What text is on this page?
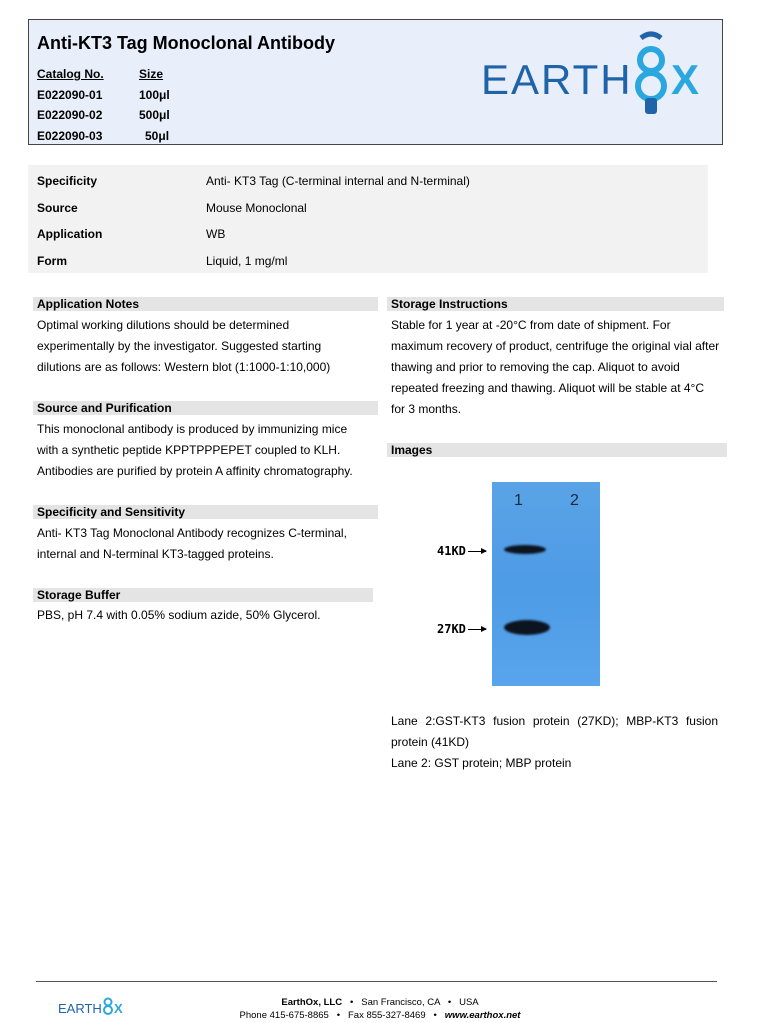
Anti-KT3 Tag Monoclonal Antibody
Catalog No.	Size
E022090-01	100μl
E022090-02	500μl
E022090-03	50μl
EARTH X
Specificity	Anti- KT3 Tag (C-terminal internal and N-terminal)
Source	Mouse Monoclonal
Application	WB
Form	Liquid, 1 mg/ml
Application Notes
Optimal working dilutions should be determined
experimentally by the investigator. Suggested starting
dilutions are as follows: Western blot (1:1000-1:10,000)
Source and Purification
This monoclonal antibody is produced by immunizing mice
with a synthetic peptide KPPTPPPEPET coupled to KLH.
Antibodies are purified by protein A affinity chromatography.
Specificity and Sensitivity
Anti- KT3 Tag Monoclonal Antibody recognizes C-terminal,
internal and N-terminal KT3-tagged proteins.
Storage Buffer
PBS, pH 7.4 with 0.05% sodium azide, 50% Glycerol.
Storage Instructions
Stable for 1 year at -20°C from date of shipment. For
maximum recovery of product, centrifuge the original vial after
thawing and prior to removing the cap. Aliquot to avoid
repeated freezing and thawing. Aliquot will be stable at 4°C
for 3 months.
Images
1	2
41KD
27KD
Lane 2:GST-KT3 fusion protein (27KD); MBP-KT3 fusion protein (41KD)
Lane 2: GST protein; MBP protein
EARTH X	EarthOx, LLC • San Francisco, CA • USA
Phone 415-675-8865 • Fax 855-327-8469 • www.earthox.net
